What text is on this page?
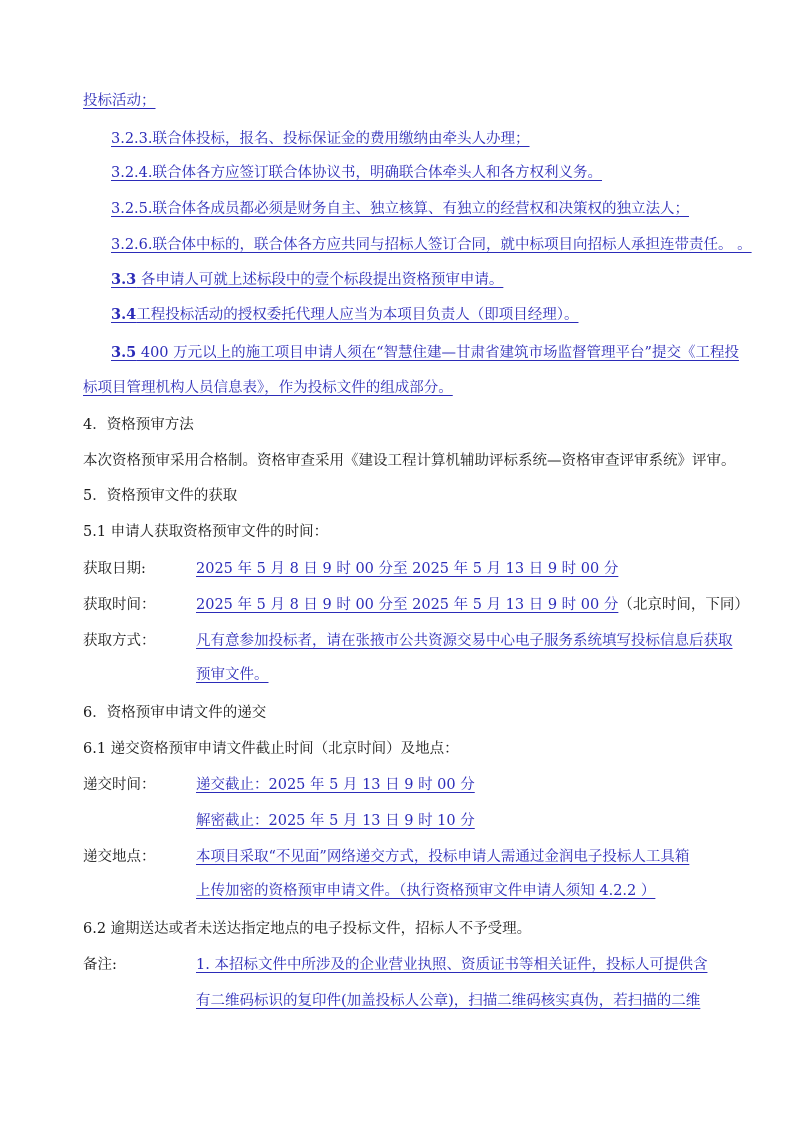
投标活动；
3.2.3.联合体投标，报名、投标保证金的费用缴纳由牵头人办理；
3.2.4.联合体各方应签订联合体协议书，明确联合体牵头人和各方权利义务。
3.2.5.联合体各成员都必须是财务自主、独立核算、有独立的经营权和决策权的独立法人；
3.2.6.联合体中标的，联合体各方应共同与招标人签订合同，就中标项目向招标人承担连带责任。 。
3.3 各申请人可就上述标段中的壹个标段提出资格预审申请。
3.4工程投标活动的授权委托代理人应当为本项目负责人（即项目经理）。
3.5 400 万元以上的施工项目申请人须在“智慧住建—甘肃省建筑市场监督管理平台”提交《工程投
标项目管理机构人员信息表》，作为投标文件的组成部分。
4．资格预审方法
本次资格预审采用合格制。资格审查采用《建设工程计算机辅助评标系统—资格审查评审系统》评审。
5．资格预审文件的获取
5.1 申请人获取资格预审文件的时间：
获取日期:	2025 年 5 月 8 日 9 时 00 分至 2025 年 5 月 13 日 9 时 00 分
获取时间：	2025 年 5 月 8 日 9 时 00 分至 2025 年 5 月 13 日 9 时 00 分（北京时间，下同）
获取方式：	凡有意参加投标者，请在张掖市公共资源交易中心电子服务系统填写投标信息后获取
预审文件。
6．资格预审申请文件的递交
6.1 递交资格预审申请文件截止时间（北京时间）及地点：
递交时间：	递交截止：2025 年 5 月 13 日 9 时 00 分
解密截止：2025 年 5 月 13 日 9 时 10 分
递交地点：	本项目采取“不见面”网络递交方式，投标申请人需通过金润电子投标人工具箱
上传加密的资格预审申请文件。（执行资格预审文件申请人须知 4.2.2 ）
6.2 逾期送达或者未送达指定地点的电子投标文件，招标人不予受理。
备注:	1. 本招标文件中所涉及的企业营业执照、资质证书等相关证件，投标人可提供含
有二维码标识的复印件(加盖投标人公章)，扫描二维码核实真伪，若扫描的二维
